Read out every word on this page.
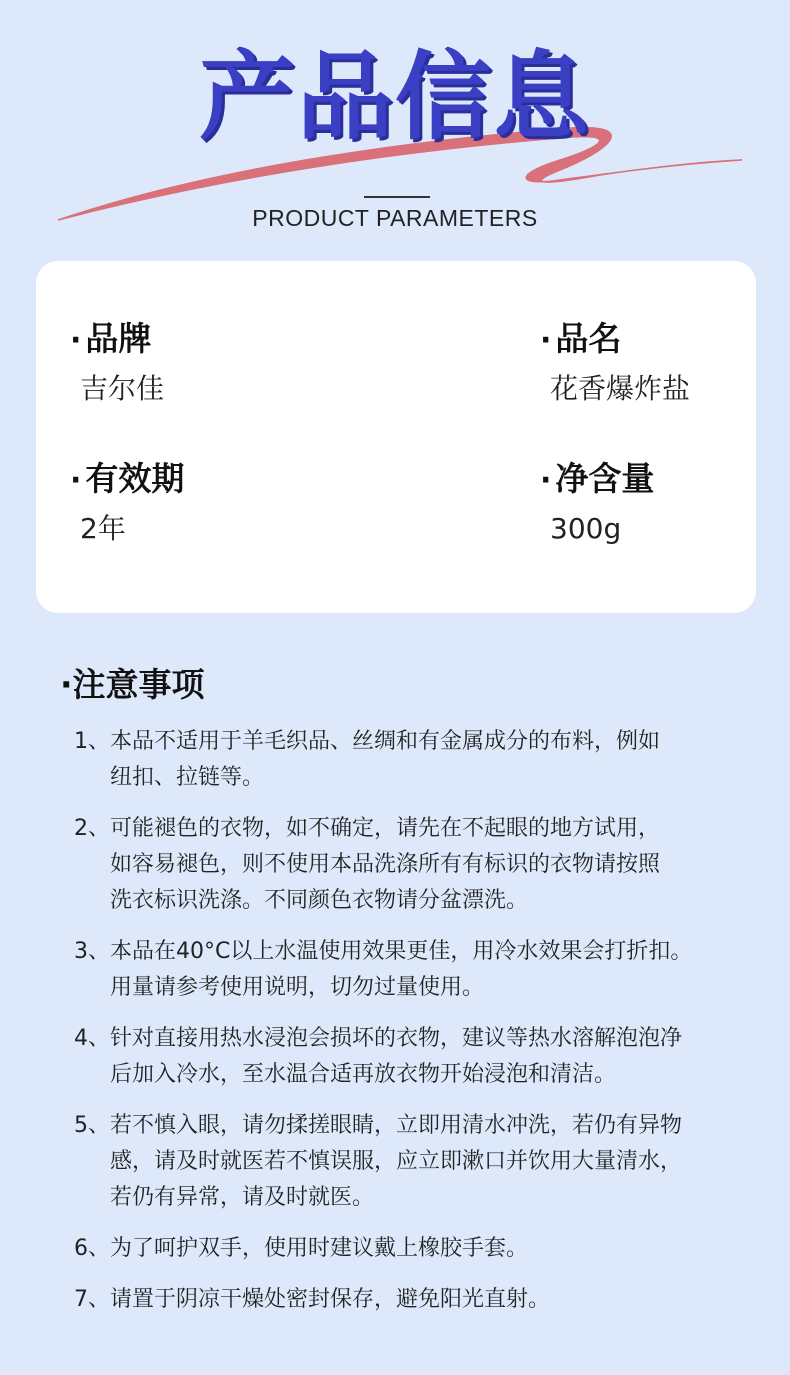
产品信息
PRODUCT PARAMETERS
· 品牌
吉尔佳
· 品名
花香爆炸盐
· 有效期
2年
· 净含量
300g
·注意事项
1、 本品不适用于羊毛织品、丝绸和有金属成分的布料，例如
纽扣、拉链等。
2、 可能褪色的衣物，如不确定，请先在不起眼的地方试用，
如容易褪色，则不使用本品洗涤所有有标识的衣物请按照
洗衣标识洗涤。不同颜色衣物请分盆漂洗。
3、 本品在40°C以上水温使用效果更佳，用冷水效果会打折扣。
用量请参考使用说明，切勿过量使用。
4、 针对直接用热水浸泡会损坏的衣物，建议等热水溶解泡泡净
后加入冷水，至水温合适再放衣物开始浸泡和清洁。
5、 若不慎入眼，请勿揉搓眼睛，立即用清水冲洗，若仍有异物
感，请及时就医若不慎误服，应立即漱口并饮用大量清水，
若仍有异常，请及时就医。
6、 为了呵护双手，使用时建议戴上橡胶手套。
7、 请置于阴凉干燥处密封保存，避免阳光直射。
